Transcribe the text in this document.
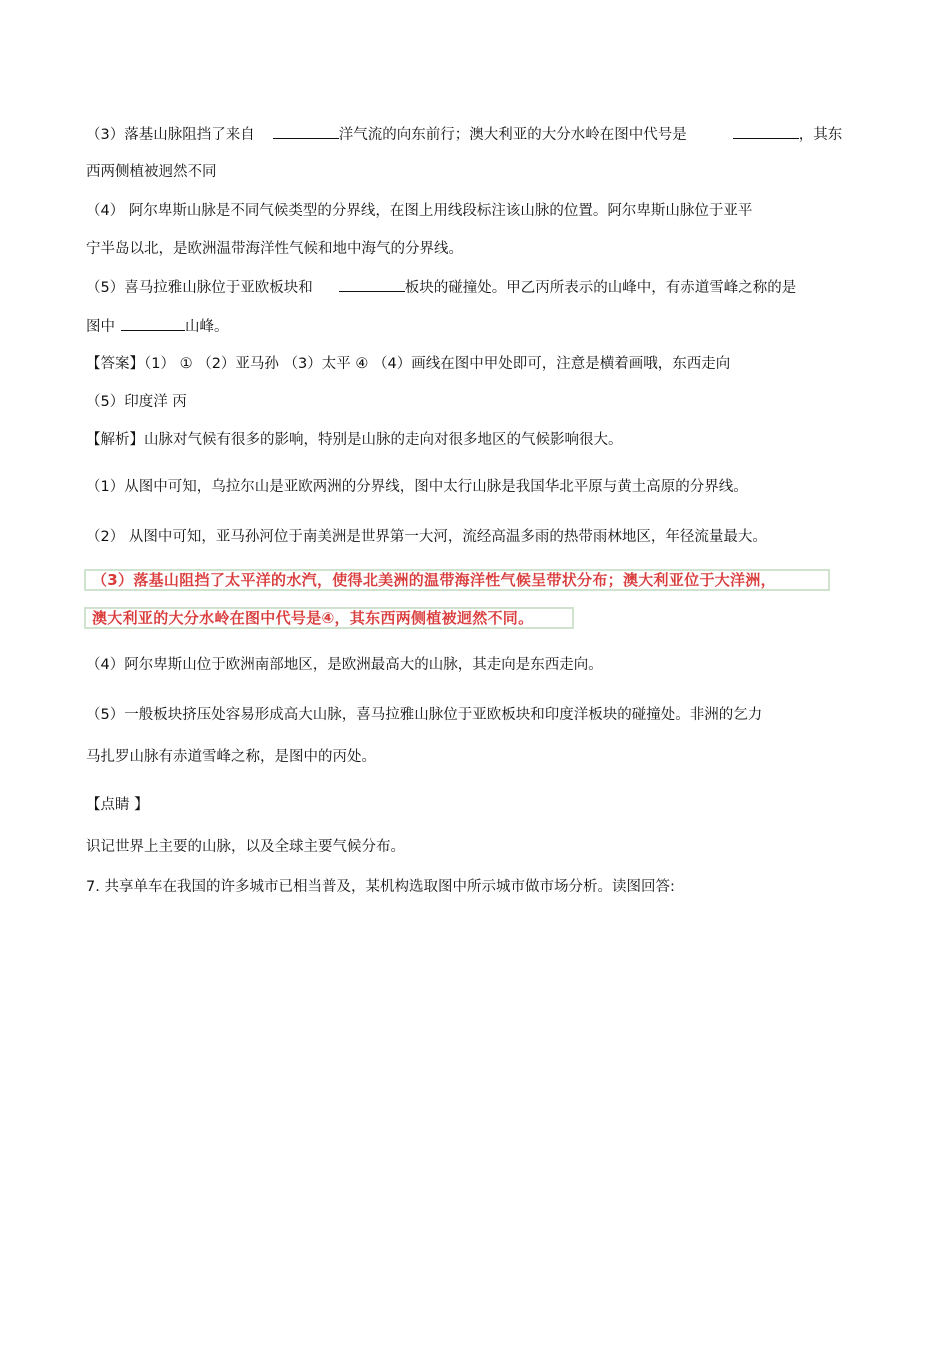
（3）落基山脉阻挡了来自	洋气流的向东前行；澳大利亚的大分水岭在图中代号是	，其东
西两侧植被迥然不同
（4） 阿尔卑斯山脉是不同气候类型的分界线，在图上用线段标注该山脉的位置。阿尔卑斯山脉位于亚平
宁半岛以北，是欧洲温带海洋性气候和地中海气的分界线。
（5）喜马拉雅山脉位于亚欧板块和	板块的碰撞处。甲乙丙所表示的山峰中，有赤道雪峰之称的是
图中	山峰。
【答案】（1） ① （2）亚马孙 （3）太平 ④ （4）画线在图中甲处即可，注意是横着画哦，东西走向
（5）印度洋 丙
【解析】山脉对气候有很多的影响，特别是山脉的走向对很多地区的气候影响很大。
（1）从图中可知，乌拉尔山是亚欧两洲的分界线，图中太行山脉是我国华北平原与黄土高原的分界线。
（2） 从图中可知，亚马孙河位于南美洲是世界第一大河，流经高温多雨的热带雨林地区，年径流量最大。
（3）落基山阻挡了太平洋的水汽，使得北美洲的温带海洋性气候呈带状分布；澳大利亚位于大洋洲，
澳大利亚的大分水岭在图中代号是④，其东西两侧植被迥然不同。
（4）阿尔卑斯山位于欧洲南部地区，是欧洲最高大的山脉，其走向是东西走向。
（5）一般板块挤压处容易形成高大山脉，喜马拉雅山脉位于亚欧板块和印度洋板块的碰撞处。非洲的乞力
马扎罗山脉有赤道雪峰之称，是图中的丙处。
【点睛 】
识记世界上主要的山脉，以及全球主要气候分布。
7. 共享单车在我国的许多城市已相当普及，某机构选取图中所示城市做市场分析。读图回答:
